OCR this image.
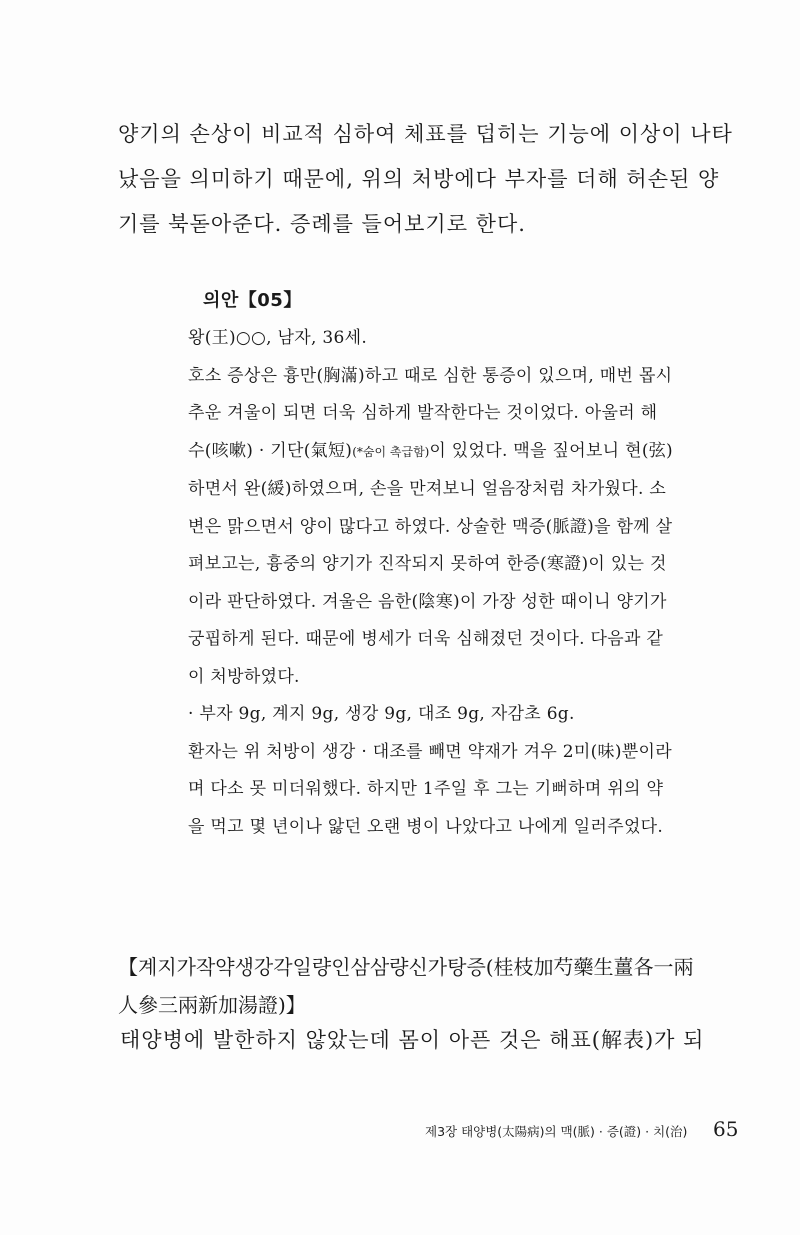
양기의 손상이 비교적 심하여 체표를 덥히는 기능에 이상이 나타

났음을 의미하기 때문에, 위의 처방에다 부자를 더해 허손된 양

기를 북돋아준다. 증례를 들어보기로 한다.

의안【05】

왕(王)○○, 남자, 36세.

호소 증상은 흉만(胸滿)하고 때로 심한 통증이 있으며, 매번 몹시

추운 겨울이 되면 더욱 심하게 발작한다는 것이었다. 아울러 해

수(咳嗽) · 기단(氣短)(*숨이 촉급함)이 있었다. 맥을 짚어보니 현(弦)

하면서 완(緩)하였으며, 손을 만져보니 얼음장처럼 차가웠다. 소

변은 맑으면서 양이 많다고 하였다. 상술한 맥증(脈證)을 함께 살

펴보고는, 흉중의 양기가 진작되지 못하여 한증(寒證)이 있는 것

이라 판단하였다. 겨울은 음한(陰寒)이 가장 성한 때이니 양기가

궁핍하게 된다. 때문에 병세가 더욱 심해졌던 것이다. 다음과 같

이 처방하였다.

· 부자 9g, 계지 9g, 생강 9g, 대조 9g, 자감초 6g.

환자는 위 처방이 생강 · 대조를 빼면 약재가 겨우 2미(味)뿐이라

며 다소 못 미더워했다. 하지만 1주일 후 그는 기뻐하며 위의 약

을 먹고 몇 년이나 앓던 오랜 병이 나았다고 나에게 일러주었다.

【계지가작약생강각일량인삼삼량신가탕증(桂枝加芍藥生薑各一兩

人參三兩新加湯證)】

태양병에 발한하지 않았는데 몸이 아픈 것은 해표(解表)가 되

제3장 태양병(太陽病)의 맥(脈) · 증(證) · 치(治) 65
